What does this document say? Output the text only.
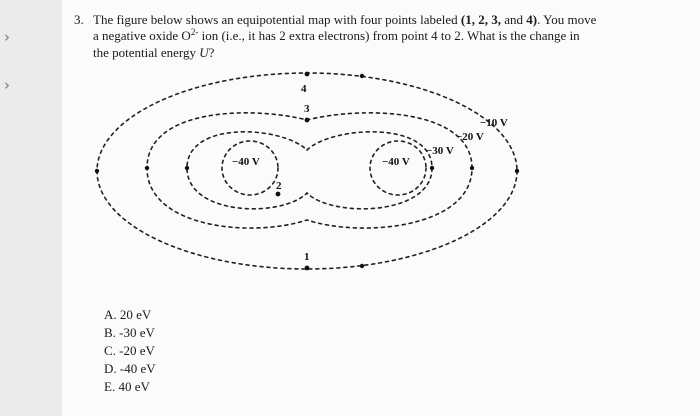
›
›
3. The figure below shows an equipotential map with four points labeled (1, 2, 3, and 4). You move
a negative oxide $O^{2-}$ ion (i.e., it has 2 extra electrons) from point 4 to 2. What is the change in
the potential energy U?
4
3
2
1
−10 V
−20 V
−30 V
−40 V	−40 V
A. 20 eV
B. -30 eV
C. -20 eV
D. -40 eV
E. 40 eV
